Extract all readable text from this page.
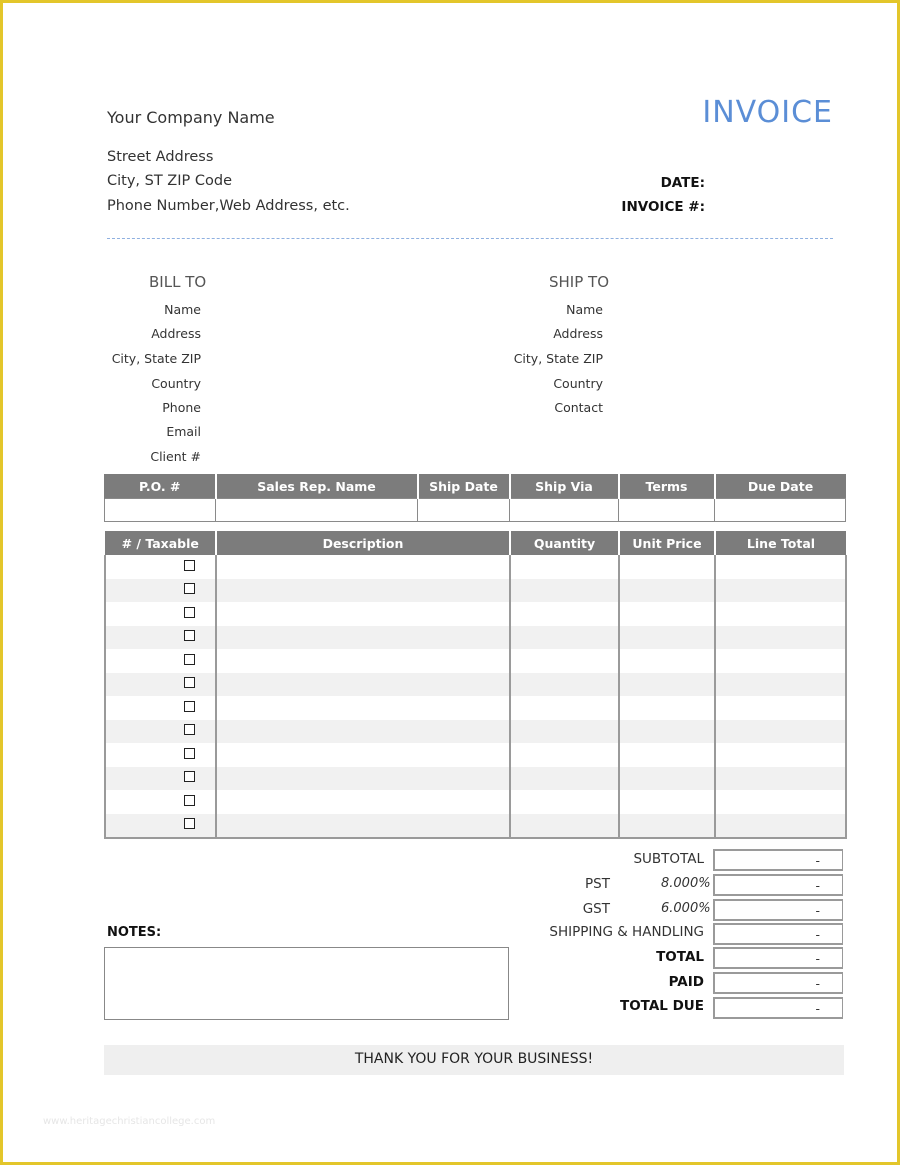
Your Company Name
Street Address
City, ST ZIP Code
Phone Number,Web Address, etc.
INVOICE
DATE:
INVOICE #:
BILL TO
Name
Address
City, State ZIP
Country
Phone
Email
Client #
SHIP TO
Name
Address
City, State ZIP
Country
Contact
P.O. #	Sales Rep. Name	Ship Date	Ship Via	Terms	Due Date

# / Taxable	Description	Quantity	Unit Price	Line Total

SUBTOTAL	-
PST	8.000%	-
GST	6.000%	-
SHIPPING & HANDLING	-
TOTAL	-
PAID	-
TOTAL DUE	-
NOTES:
THANK YOU FOR YOUR BUSINESS!
www.heritagechristiancollege.com
